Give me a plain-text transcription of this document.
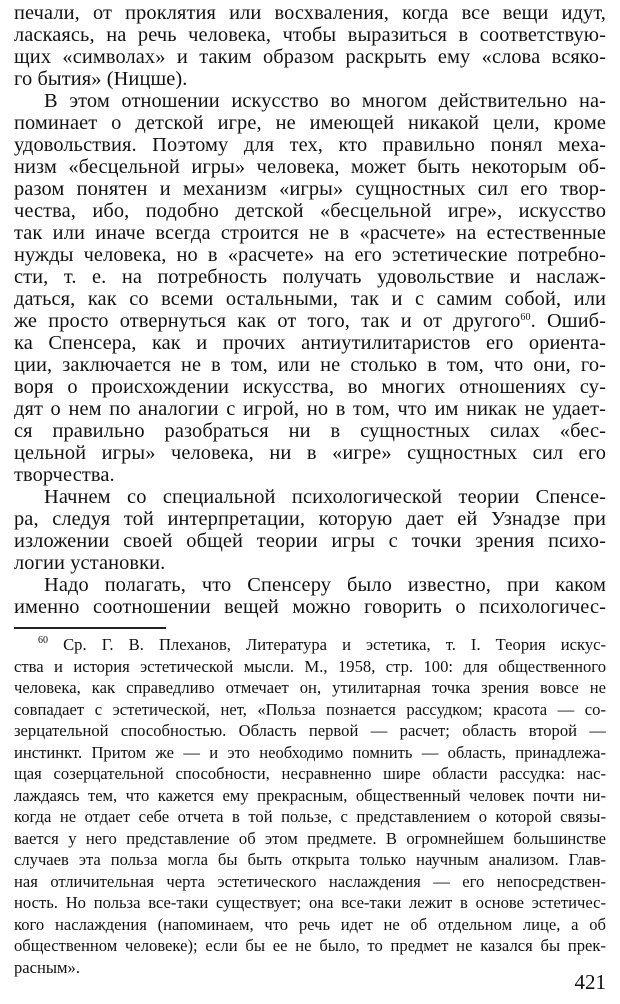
печали, от проклятия или восхваления, когда все вещи идут,
ласкаясь, на речь человека, чтобы выразиться в соответствую-
щих «символах» и таким образом раскрыть ему «слова всяко-
го бытия» (Ницше).
В этом отношении искусство во многом действительно на-
поминает о детской игре, не имеющей никакой цели, кроме
удовольствия. Поэтому для тех, кто правильно понял меха-
низм «бесцельной игры» человека, может быть некоторым об-
разом понятен и механизм «игры» сущностных сил его твор-
чества, ибо, подобно детской «бесцельной игре», искусство
так или иначе всегда строится не в «расчете» на естественные
нужды человека, но в «расчете» на его эстетические потребно-
сти, т. е. на потребность получать удовольствие и наслаж-
даться, как со всеми остальными, так и с самим собой, или
же просто отвернуться как от того, так и от другого$^{60}$. Ошиб-
ка Спенсера, как и прочих антиутилитаристов его ориента-
ции, заключается не в том, или не столько в том, что они, го-
воря о происхождении искусства, во многих отношениях су-
дят о нем по аналогии с игрой, но в том, что им никак не удает-
ся правильно разобраться ни в сущностных силах «бес-
цельной игры» человека, ни в «игре» сущностных сил его
творчества.
Начнем со специальной психологической теории Спенсе-
ра, следуя той интерпретации, которую дает ей Узнадзе при
изложении своей общей теории игры с точки зрения психо-
логии установки.
Надо полагать, что Спенсеру было известно, при каком
именно соотношении вещей можно говорить о психологичес-
$^{60}$ Ср. Г. В. Плеханов, Литература и эстетика, т. I. Теория искус-
ства и история эстетической мысли. М., 1958, стр. 100: для общественного
человека, как справедливо отмечает он, утилитарная точка зрения вовсе не
совпадает с эстетической, нет, «Польза познается рассудком; красота — со-
зерцательной способностью. Область первой — расчет; область второй —
инстинкт. Притом же — и это необходимо помнить — область, принадлежа-
щая созерцательной способности, несравненно шире области рассудка: нас-
лаждаясь тем, что кажется ему прекрасным, общественный человек почти ни-
когда не отдает себе отчета в той пользе, с представлением о которой связы-
вается у него представление об этом предмете. В огромнейшем большинстве
случаев эта польза могла бы быть открыта только научным анализом. Глав-
ная отличительная черта эстетического наслаждения — его непосредствен-
ность. Но польза все-таки существует; она все-таки лежит в основе эстетичес-
кого наслаждения (напоминаем, что речь идет не об отдельном лице, а об
общественном человеке); если бы ее не было, то предмет не казался бы прек-
расным».
421
